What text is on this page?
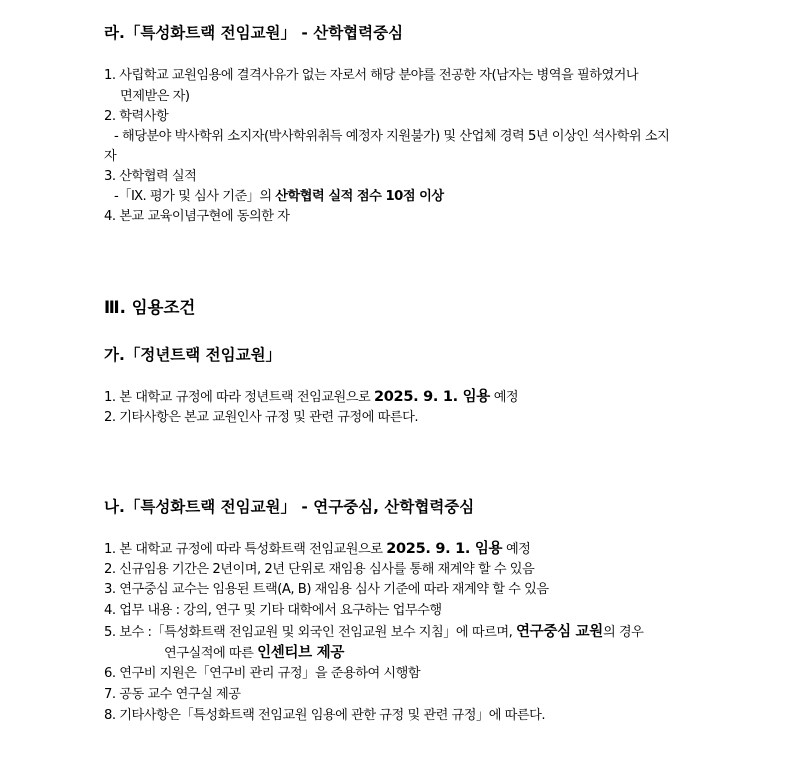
라.「특성화트랙 전임교원」 - 산학협력중심
1. 사립학교 교원임용에 결격사유가 없는 자로서 해당 분야를 전공한 자(남자는 병역을 필하였거나
면제받은 자)
2. 학력사항
- 해당분야 박사학위 소지자(박사학위취득 예정자 지원불가) 및 산업체 경력 5년 이상인 석사학위 소지
자
3. 산학협력 실적
-「Ⅸ. 평가 및 심사 기준」의 산학협력 실적 점수 10점 이상
4. 본교 교육이념구현에 동의한 자
Ⅲ. 임용조건
가.「정년트랙 전임교원」
1. 본 대학교 규정에 따라 정년트랙 전임교원으로 2025. 9. 1. 임용 예정
2. 기타사항은 본교 교원인사 규정 및 관련 규정에 따른다.
나.「특성화트랙 전임교원」 - 연구중심, 산학협력중심
1. 본 대학교 규정에 따라 특성화트랙 전임교원으로 2025. 9. 1. 임용 예정
2. 신규임용 기간은 2년이며, 2년 단위로 재임용 심사를 통해 재계약 할 수 있음
3. 연구중심 교수는 임용된 트랙(A, B) 재임용 심사 기준에 따라 재계약 할 수 있음
4. 업무 내용 : 강의, 연구 및 기타 대학에서 요구하는 업무수행
5. 보수 :「특성화트랙 전임교원 및 외국인 전임교원 보수 지침」에 따르며, 연구중심 교원의 경우
연구실적에 따른 인센티브 제공
6. 연구비 지원은「연구비 관리 규정」을 준용하여 시행함
7. 공동 교수 연구실 제공
8. 기타사항은「특성화트랙 전임교원 임용에 관한 규정 및 관련 규정」에 따른다.
